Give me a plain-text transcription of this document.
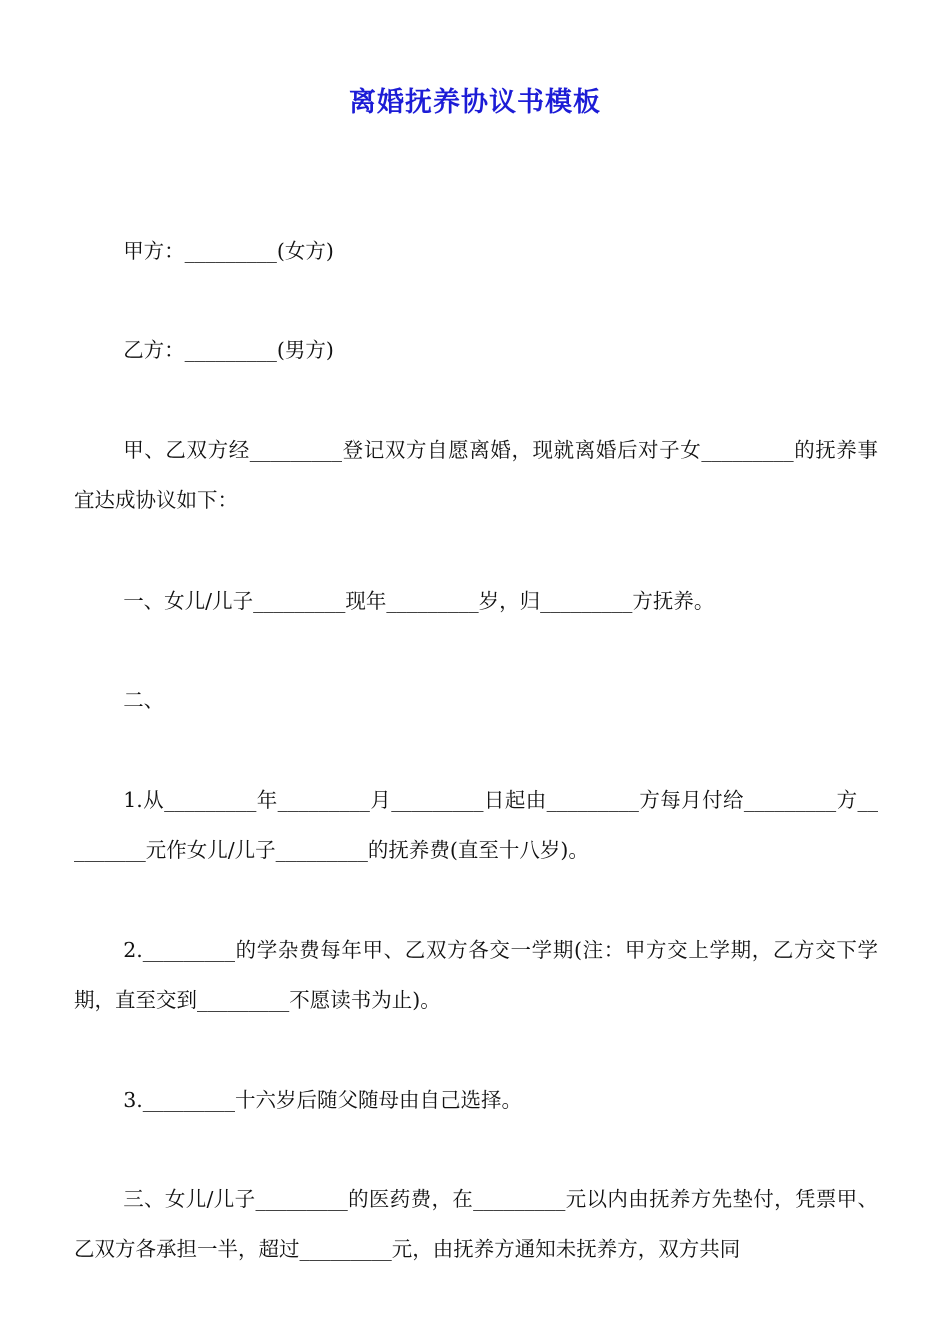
离婚抚养协议书模板
甲方：_________(女方)
乙方：_________(男方)
甲、乙双方经_________登记双方自愿离婚，现就离婚后对子女_________的抚养事宜达成协议如下：
一、女儿/儿子_________现年_________岁，归_________方抚养。
二、
1.从_________年_________月_________日起由_________方每月付给_________方_________元作女儿/儿子_________的抚养费(直至十八岁)。
2._________的学杂费每年甲、乙双方各交一学期(注：甲方交上学期，乙方交下学期，直至交到_________不愿读书为止)。
3._________十六岁后随父随母由自己选择。
三、女儿/儿子_________的医药费，在_________元以内由抚养方先垫付，凭票甲、乙双方各承担一半，超过_________元，由抚养方通知未抚养方，双方共同
